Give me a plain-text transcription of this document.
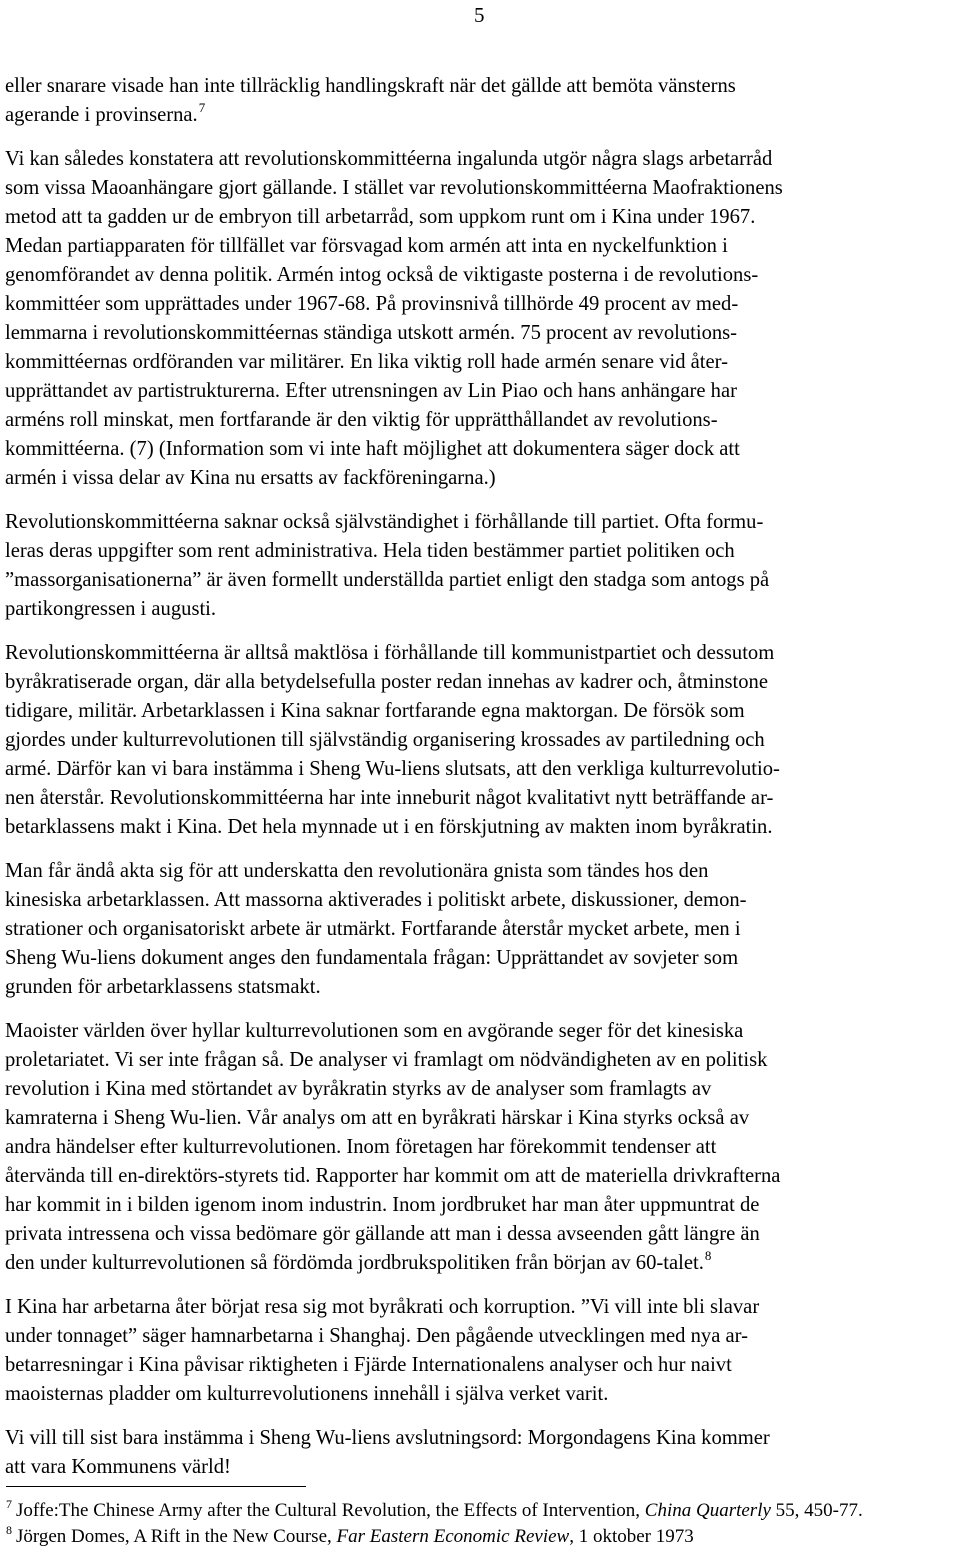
5

eller snarare visade han inte tillräcklig handlingskraft när det gällde att bemöta vänsterns
agerande i provinserna.$^7$

Vi kan således konstatera att revolutionskommittéerna ingalunda utgör några slags arbetarråd
som vissa Maoanhängare gjort gällande. I stället var revolutionskommittéerna Maofraktionens
metod att ta gadden ur de embryon till arbetarråd, som uppkom runt om i Kina under 1967.
Medan partiapparaten för tillfället var försvagad kom armén att inta en nyckelfunktion i
genomförandet av denna politik. Armén intog också de viktigaste posterna i de revolutions-
kommittéer som upprättades under 1967-68. På provinsnivå tillhörde 49 procent av med-
lemmarna i revolutionskommittéernas ständiga utskott armén. 75 procent av revolutions-
kommittéernas ordföranden var militärer. En lika viktig roll hade armén senare vid åter-
upprättandet av partistrukturerna. Efter utrensningen av Lin Piao och hans anhängare har
arméns roll minskat, men fortfarande är den viktig för upprätthållandet av revolutions-
kommittéerna. (7) (Information som vi inte haft möjlighet att dokumentera säger dock att
armén i vissa delar av Kina nu ersatts av fackföreningarna.)

Revolutionskommittéerna saknar också självständighet i förhållande till partiet. Ofta formu-
leras deras uppgifter som rent administrativa. Hela tiden bestämmer partiet politiken och
”massorganisationerna” är även formellt underställda partiet enligt den stadga som antogs på
partikongressen i augusti.

Revolutionskommittéerna är alltså maktlösa i förhållande till kommunistpartiet och dessutom
byråkratiserade organ, där alla betydelsefulla poster redan innehas av kadrer och, åtminstone
tidigare, militär. Arbetarklassen i Kina saknar fortfarande egna maktorgan. De försök som
gjordes under kulturrevolutionen till självständig organisering krossades av partiledning och
armé. Därför kan vi bara instämma i Sheng Wu-liens slutsats, att den verkliga kulturrevolutio-
nen återstår. Revolutionskommittéerna har inte inneburit något kvalitativt nytt beträffande ar-
betarklassens makt i Kina. Det hela mynnade ut i en förskjutning av makten inom byråkratin.

Man får ändå akta sig för att underskatta den revolutionära gnista som tändes hos den
kinesiska arbetarklassen. Att massorna aktiverades i politiskt arbete, diskussioner, demon-
strationer och organisatoriskt arbete är utmärkt. Fortfarande återstår mycket arbete, men i
Sheng Wu-liens dokument anges den fundamentala frågan: Upprättandet av sovjeter som
grunden för arbetarklassens statsmakt.

Maoister världen över hyllar kulturrevolutionen som en avgörande seger för det kinesiska
proletariatet. Vi ser inte frågan så. De analyser vi framlagt om nödvändigheten av en politisk
revolution i Kina med störtandet av byråkratin styrks av de analyser som framlagts av
kamraterna i Sheng Wu-lien. Vår analys om att en byråkrati härskar i Kina styrks också av
andra händelser efter kulturrevolutionen. Inom företagen har förekommit tendenser att
återvända till en-direktörs-styrets tid. Rapporter har kommit om att de materiella drivkrafterna
har kommit in i bilden igenom inom industrin. Inom jordbruket har man åter uppmuntrat de
privata intressena och vissa bedömare gör gällande att man i dessa avseenden gått längre än
den under kulturrevolutionen så fördömda jordbrukspolitiken från början av 60-talet.$^8$

I Kina har arbetarna åter börjat resa sig mot byråkrati och korruption. ”Vi vill inte bli slavar
under tonnaget” säger hamnarbetarna i Shanghaj. Den pågående utvecklingen med nya ar-
betarresningar i Kina påvisar riktigheten i Fjärde Internationalens analyser och hur naivt
maoisternas pladder om kulturrevolutionens innehåll i själva verket varit.

Vi vill till sist bara instämma i Sheng Wu-liens avslutningsord: Morgondagens Kina kommer
att vara Kommunens värld!

$^7$ Joffe:The Chinese Army after the Cultural Revolution, the Effects of Intervention, China Quarterly 55, 450-77.
$^8$ Jörgen Domes, A Rift in the New Course, Far Eastern Economic Review, 1 oktober 1973
